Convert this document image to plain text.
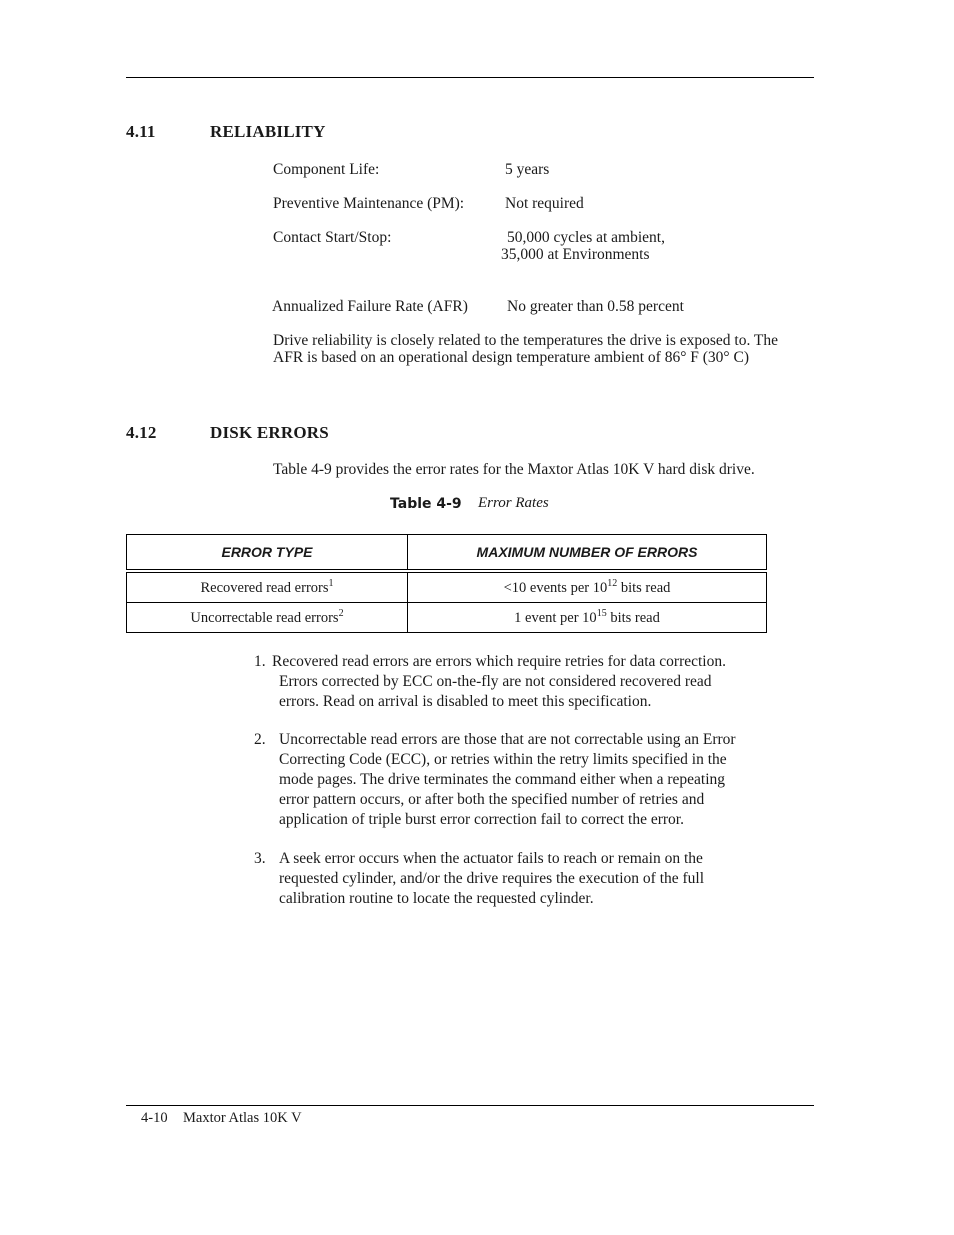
4.11	RELIABILITY
Component Life:	5 years
Preventive Maintenance (PM):	Not required
Contact Start/Stop:	50,000 cycles at ambient,
35,000 at Environments
Annualized Failure Rate (AFR)	No greater than 0.58 percent
Drive reliability is closely related to the temperatures the drive is exposed to. The
AFR is based on an operational design temperature ambient of 86° F (30° C)
4.12	DISK ERRORS
Table 4-9 provides the error rates for the Maxtor Atlas 10K V hard disk drive.
Table 4-9 Error Rates
ERROR TYPE	MAXIMUM NUMBER OF ERRORS
Recovered read errors$^1$	<10 events per $10^{12}$ bits read
Uncorrectable read errors$^2$	1 event per $10^{15}$ bits read
1. Recovered read errors are errors which require retries for data correction.
Errors corrected by ECC on-the-fly are not considered recovered read
errors. Read on arrival is disabled to meet this specification.
2. Uncorrectable read errors are those that are not correctable using an Error
Correcting Code (ECC), or retries within the retry limits specified in the
mode pages. The drive terminates the command either when a repeating
error pattern occurs, or after both the specified number of retries and
application of triple burst error correction fail to correct the error.
3. A seek error occurs when the actuator fails to reach or remain on the
requested cylinder, and/or the drive requires the execution of the full
calibration routine to locate the requested cylinder.
4-10 Maxtor Atlas 10K V
